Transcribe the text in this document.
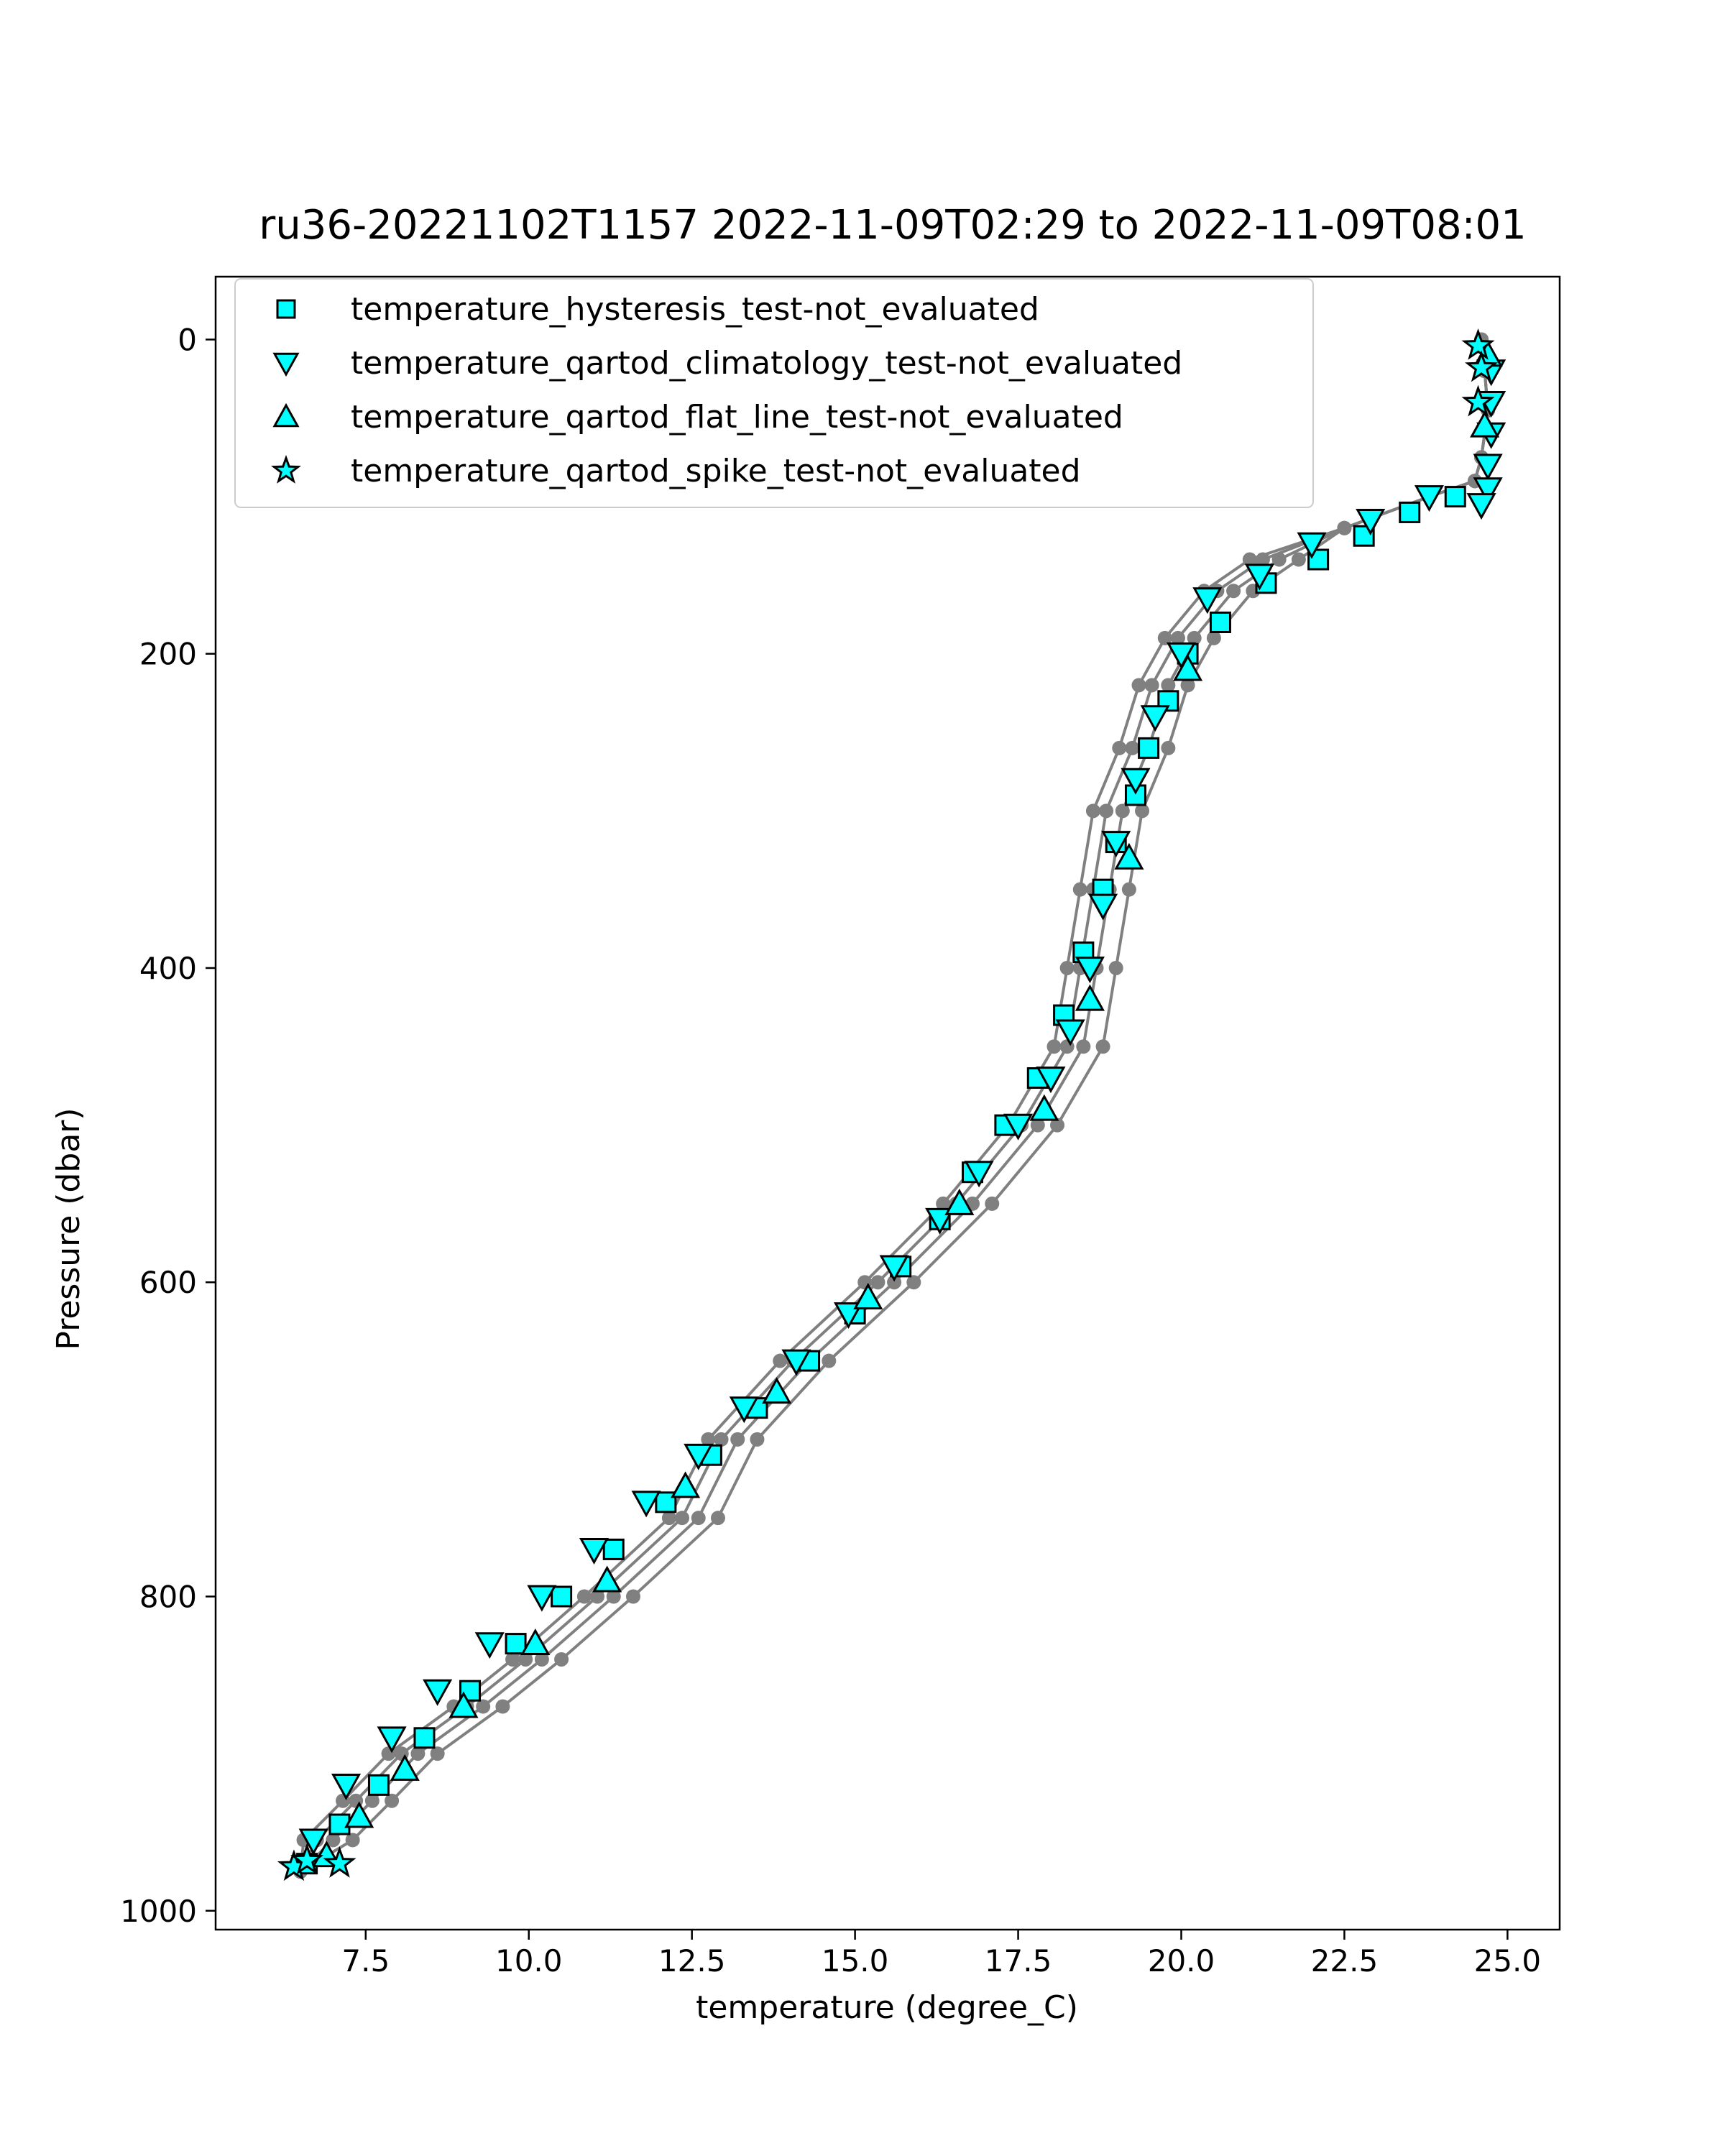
ru36-20221102T1157 2022-11-09T02:29 to 2022-11-09T08:01
7.5	10.0	12.5	15.0	17.5	20.0	22.5	25.0
0
200
400
600
800
1000
temperature (degree_C)
Pressure (dbar)
temperature_hysteresis_test-not_evaluated
temperature_qartod_climatology_test-not_evaluated
temperature_qartod_flat_line_test-not_evaluated
temperature_qartod_spike_test-not_evaluated
